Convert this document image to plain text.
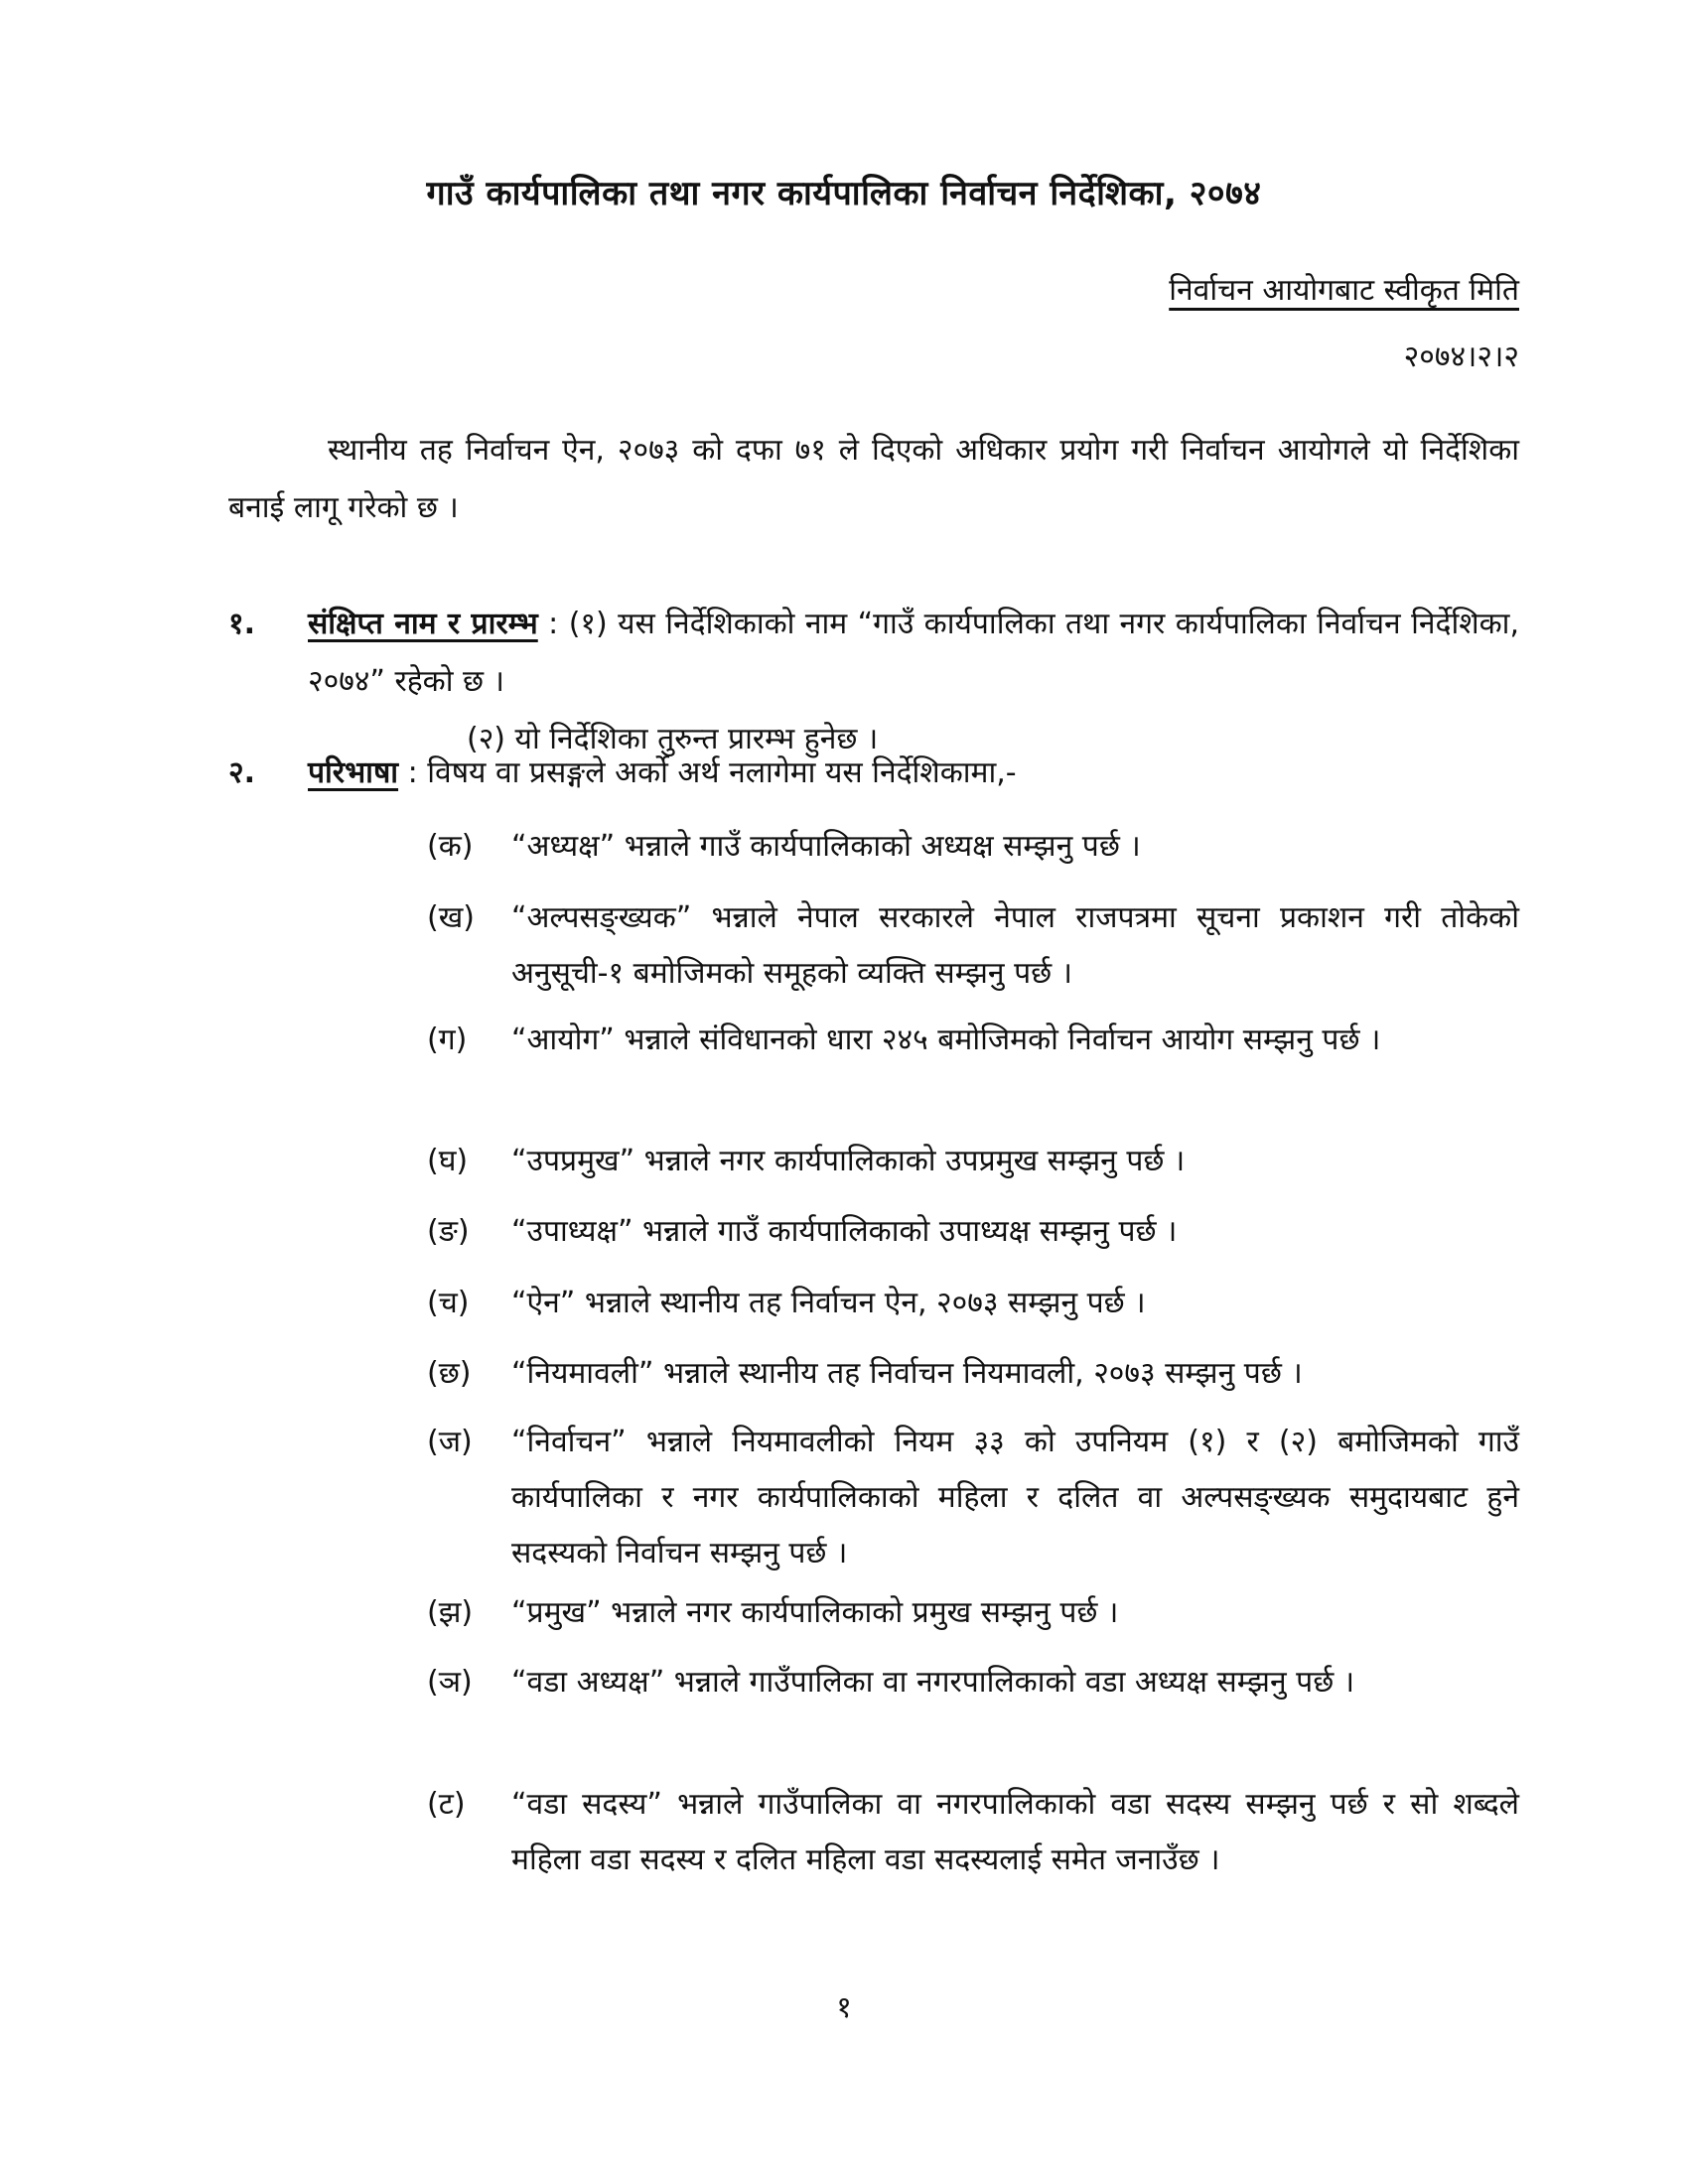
गाउँ कार्यपालिका तथा नगर कार्यपालिका निर्वाचन निर्देशिका, २०७४
निर्वाचन आयोगबाट स्वीकृत मिति
२०७४।२।२
स्थानीय तह निर्वाचन ऐन, २०७३ को दफा ७१ ले दिएको अधिकार प्रयोग गरी निर्वाचन आयोगले यो निर्देशिका बनाई लागू गरेको छ ।
१. संक्षिप्त नाम र प्रारम्भ : (१) यस निर्देशिकाको नाम “गाउँ कार्यपालिका तथा नगर कार्यपालिका निर्वाचन निर्देशिका, २०७४” रहेको छ ।
(२) यो निर्देशिका तुरुन्त प्रारम्भ हुनेछ ।
२. परिभाषा : विषय वा प्रसङ्गले अर्को अर्थ नलागेमा यस निर्देशिकामा,-
(क) “अध्यक्ष” भन्नाले गाउँ कार्यपालिकाको अध्यक्ष सम्झनु पर्छ ।
(ख) “अल्पसङ्ख्यक” भन्नाले नेपाल सरकारले नेपाल राजपत्रमा सूचना प्रकाशन गरी तोकेको अनुसूची-१ बमोजिमको समूहको व्यक्ति सम्झनु पर्छ ।
(ग) “आयोग” भन्नाले संविधानको धारा २४५ बमोजिमको निर्वाचन आयोग सम्झनु पर्छ ।
(घ) “उपप्रमुख” भन्नाले नगर कार्यपालिकाको उपप्रमुख सम्झनु पर्छ ।
(ङ) “उपाध्यक्ष” भन्नाले गाउँ कार्यपालिकाको उपाध्यक्ष सम्झनु पर्छ ।
(च) “ऐन” भन्नाले स्थानीय तह निर्वाचन ऐन, २०७३ सम्झनु पर्छ ।
(छ) “नियमावली” भन्नाले स्थानीय तह निर्वाचन नियमावली, २०७३ सम्झनु पर्छ ।
(ज) “निर्वाचन” भन्नाले नियमावलीको नियम ३३ को उपनियम (१) र (२) बमोजिमको गाउँ कार्यपालिका र नगर कार्यपालिकाको महिला र दलित वा अल्पसङ्ख्यक समुदायबाट हुने सदस्यको निर्वाचन सम्झनु पर्छ ।
(झ) “प्रमुख” भन्नाले नगर कार्यपालिकाको प्रमुख सम्झनु पर्छ ।
(ञ) “वडा अध्यक्ष” भन्नाले गाउँपालिका वा नगरपालिकाको वडा अध्यक्ष सम्झनु पर्छ ।
(ट) “वडा सदस्य” भन्नाले गाउँपालिका वा नगरपालिकाको वडा सदस्य सम्झनु पर्छ र सो शब्दले महिला वडा सदस्य र दलित महिला वडा सदस्यलाई समेत जनाउँछ ।
१
